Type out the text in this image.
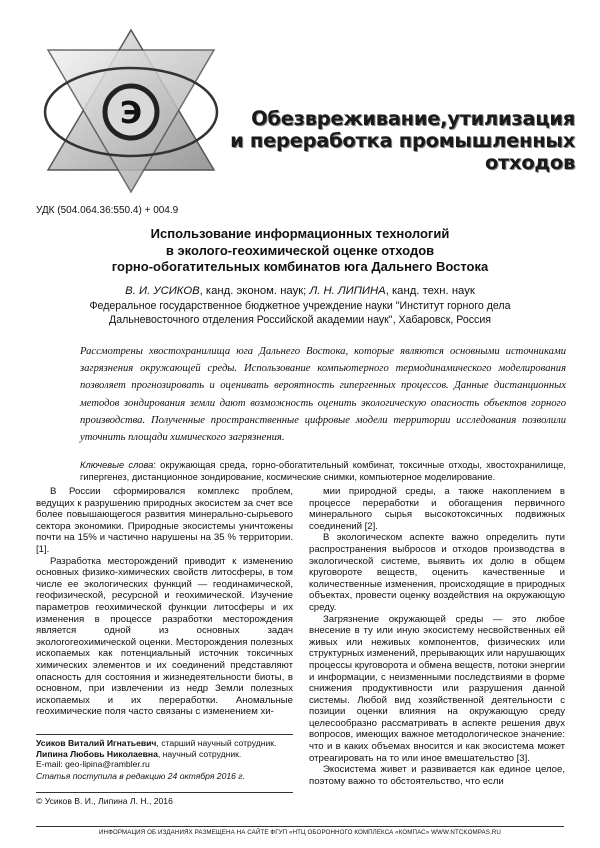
Э	Обезвреживание,утилизация
и переработка промышленных
отходов
УДК (504.064.36:550.4) + 004.9
Использование информационных технологий
в эколого-геохимической оценке отходов
горно-обогатительных комбинатов юга Дальнего Востока
В. И. УСИКОВ, канд. эконом. наук; Л. Н. ЛИПИНА, канд. техн. наук
Федеральное государственное бюджетное учреждение науки "Институт горного дела
Дальневосточного отделения Российской академии наук", Хабаровск, Россия
Рассмотрены хвостохранилища юга Дальнего Востока, которые являются основными источниками загрязнения окружающей среды. Использование компьютерного термодинамического моделирования позволяет прогнозировать и оценивать вероятность гипергенных процессов. Данные дистанционных методов зондирования земли дают возможность оценить экологическую опасность объектов горного производства. Полученные пространственные цифровые модели территории исследования позволили уточнить площади химического загрязнения.
Ключевые слова: окружающая среда, горно-обогатительный комбинат, токсичные отходы, хвостохранилище, гипергенез, дистанционное зондирование, космические снимки, компьютерное моделирование.

В России сформировался комплекс проблем, ведущих к разрушению природных экосистем за счет все более повышающегося развития минерально-сырьевого сектора экономики. Природные экосистемы уничтожены почти на 15% и частично нарушены на 35 % территории. [1].

Разработка месторождений приводит к изменению основных физико-химических свойств литосферы, в том числе ее экологических функций — геодинамической, геофизической, ресурсной и геохимической. Изучение параметров геохимической функции литосферы и их изменения в процессе разработки месторождения является одной из основных задач экологогеохимической оценки. Месторождения полезных ископаемых как потенциальный источник токсичных химических элементов и их соединений представляют опасность для состояния и жизнедеятельности биоты, в основном, при извлечении из недр Земли полезных ископаемых и их переработки. Аномальные геохимические поля часто связаны с изменением хи-

мии природной среды, а также накоплением в процессе переработки и обогащения первичного минерального сырья высокотоксичных подвижных соединений [2].

В экологическом аспекте важно определить пути распространения выбросов и отходов производства в экологической системе, выявить их долю в общем круговороте веществ, оценить качественные и количественные изменения, происходящие в природных объектах, провести оценку воздействия на окружающую среду.

Загрязнение окружающей среды — это любое внесение в ту или иную экосистему несвойственных ей живых или неживых компонентов, физических или структурных изменений, прерывающих или нарушающих процессы круговорота и обмена веществ, потоки энергии и информации, с неизменными последствиями в форме снижения продуктивности или разрушения данной системы. Любой вид хозяйственной деятельности с позиции оценки влияния на окружающую среду целесообразно рассматривать в аспекте решения двух вопросов, имеющих важное методологическое значение: что и в каких объемах вносится и как экосистема может отреагировать на то или иное вмешательство [3].

Экосистема живет и развивается как единое целое, поэтому важно то обстоятельство, что если

Усиков Виталий Игнатьевич, старший научный сотрудник.
Липина Любовь Николаевна, научный сотрудник.
E-mail: geo-lipina@rambler.ru
Статья поступила в редакцию 24 октября 2016 г.
© Усиков В. И., Липина Л. Н., 2016
ИНФОРМАЦИЯ ОБ ИЗДАНИЯХ РАЗМЕЩЕНА НА САЙТЕ ФГУП «НТЦ ОБОРОННОГО КОМПЛЕКСА «КОМПАС» WWW.NTCKOMPAS.RU
